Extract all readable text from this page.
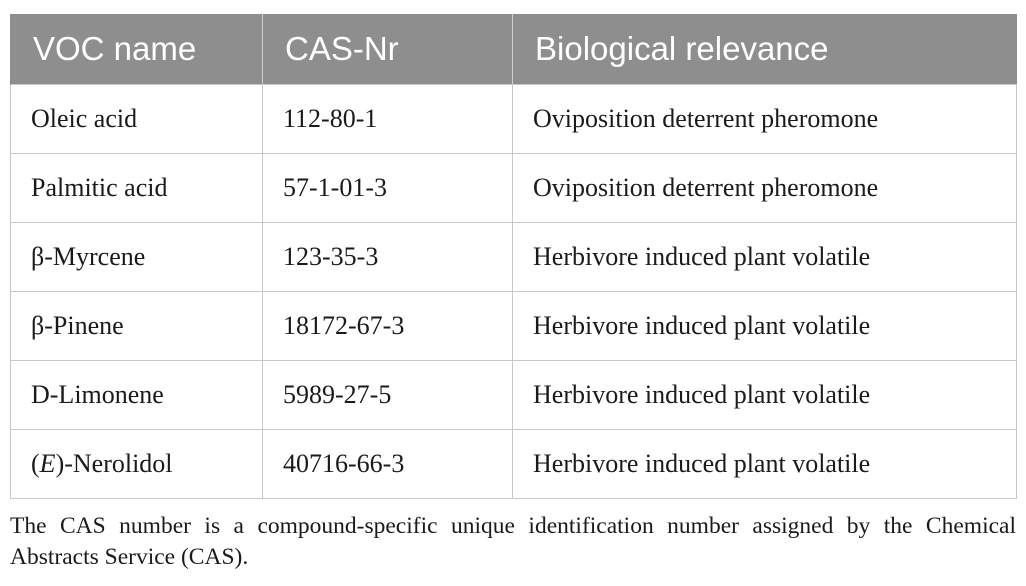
VOC name	CAS-Nr	Biological relevance
Oleic acid	112-80-1	Oviposition deterrent pheromone
Palmitic acid	57-1-01-3	Oviposition deterrent pheromone
β-Myrcene	123-35-3	Herbivore induced plant volatile
β-Pinene	18172-67-3	Herbivore induced plant volatile
D-Limonene	5989-27-5	Herbivore induced plant volatile
(E)-Nerolidol	40716-66-3	Herbivore induced plant volatile

The CAS number is a compound-specific unique identification number assigned by the Chemical Abstracts Service (CAS).
